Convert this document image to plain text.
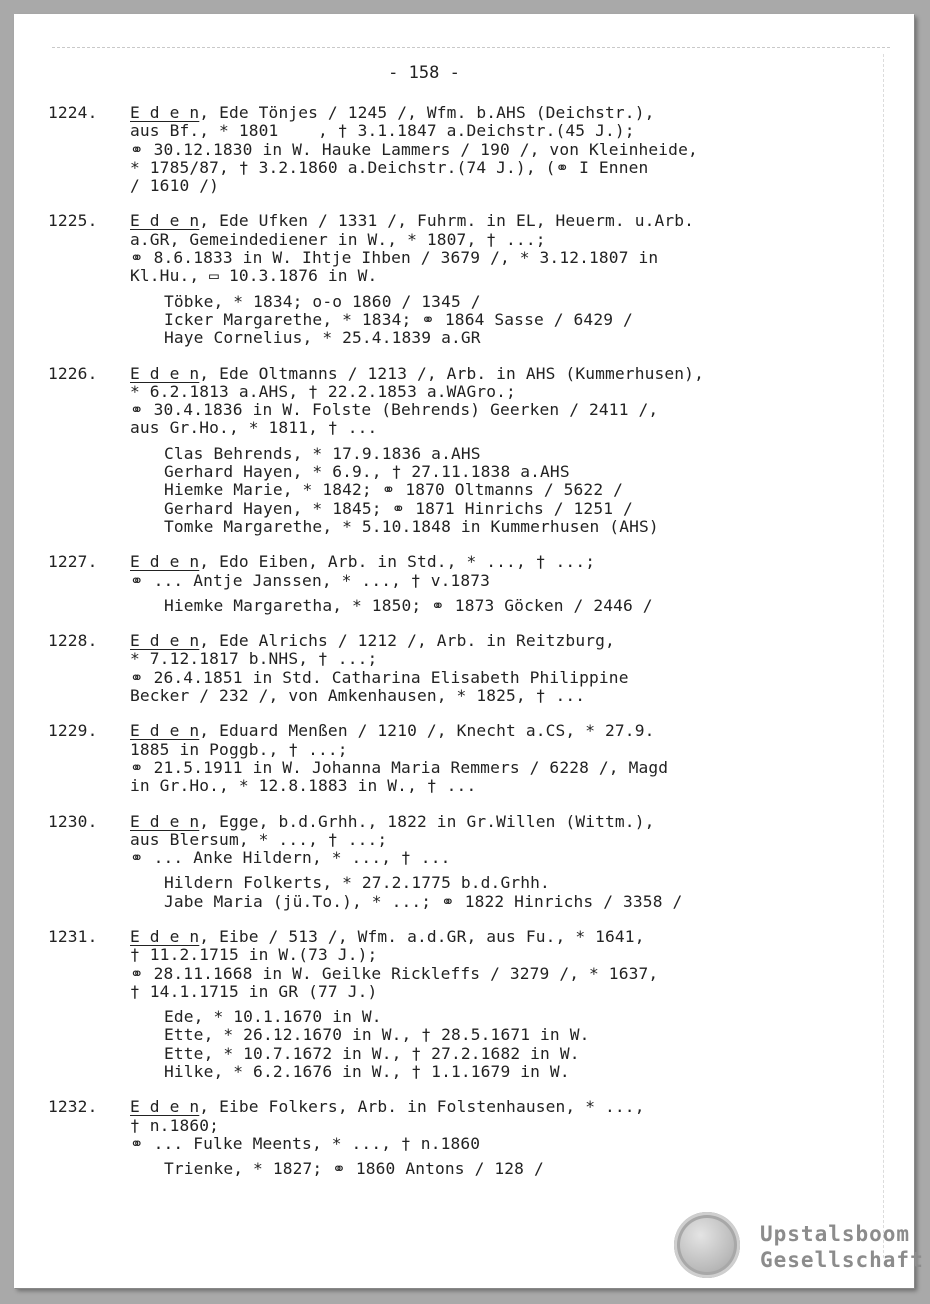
- 158 -
1224. E d e n, Ede Tönjes / 1245 /, Wfm. b.AHS (Deichstr.),
aus Bf., * 1801    , † 3.1.1847 a.Deichstr.(45 J.);
⚭ 30.12.1830 in W. Hauke Lammers / 190 /, von Kleinheide,
* 1785/87, † 3.2.1860 a.Deichstr.(74 J.), (⚭ I Ennen
/ 1610 /)
1225. E d e n, Ede Ufken / 1331 /, Fuhrm. in EL, Heuerm. u.Arb.
a.GR, Gemeindediener in W., * 1807, † ...;
⚭ 8.6.1833 in W. Ihtje Ihben / 3679 /, * 3.12.1807 in
Kl.Hu., ▭ 10.3.1876 in W.
Töbke, * 1834; o-o 1860 / 1345 /
Icker Margarethe, * 1834; ⚭ 1864 Sasse / 6429 /
Haye Cornelius, * 25.4.1839 a.GR
1226. E d e n, Ede Oltmanns / 1213 /, Arb. in AHS (Kummerhusen),
* 6.2.1813 a.AHS, † 22.2.1853 a.WAGro.;
⚭ 30.4.1836 in W. Folste (Behrends) Geerken / 2411 /,
aus Gr.Ho., * 1811, † ...
Clas Behrends, * 17.9.1836 a.AHS
Gerhard Hayen, * 6.9., † 27.11.1838 a.AHS
Hiemke Marie, * 1842; ⚭ 1870 Oltmanns / 5622 /
Gerhard Hayen, * 1845; ⚭ 1871 Hinrichs / 1251 /
Tomke Margarethe, * 5.10.1848 in Kummerhusen (AHS)
1227. E d e n, Edo Eiben, Arb. in Std., * ..., † ...;
⚭ ... Antje Janssen, * ..., † v.1873
Hiemke Margaretha, * 1850; ⚭ 1873 Göcken / 2446 /
1228. E d e n, Ede Alrichs / 1212 /, Arb. in Reitzburg,
* 7.12.1817 b.NHS, † ...;
⚭ 26.4.1851 in Std. Catharina Elisabeth Philippine
Becker / 232 /, von Amkenhausen, * 1825, † ...
1229. E d e n, Eduard Menßen / 1210 /, Knecht a.CS, * 27.9.
1885 in Poggb., † ...;
⚭ 21.5.1911 in W. Johanna Maria Remmers / 6228 /, Magd
in Gr.Ho., * 12.8.1883 in W., † ...
1230. E d e n, Egge, b.d.Grhh., 1822 in Gr.Willen (Wittm.),
aus Blersum, * ..., † ...;
⚭ ... Anke Hildern, * ..., † ...
Hildern Folkerts, * 27.2.1775 b.d.Grhh.
Jabe Maria (jü.To.), * ...; ⚭ 1822 Hinrichs / 3358 /
1231. E d e n, Eibe / 513 /, Wfm. a.d.GR, aus Fu., * 1641,
† 11.2.1715 in W.(73 J.);
⚭ 28.11.1668 in W. Geilke Rickleffs / 3279 /, * 1637,
† 14.1.1715 in GR (77 J.)
Ede, * 10.1.1670 in W.
Ette, * 26.12.1670 in W., † 28.5.1671 in W.
Ette, * 10.7.1672 in W., † 27.2.1682 in W.
Hilke, * 6.2.1676 in W., † 1.1.1679 in W.
1232. E d e n, Eibe Folkers, Arb. in Folstenhausen, * ...,
† n.1860;
⚭ ... Fulke Meents, * ..., † n.1860
Trienke, * 1827; ⚭ 1860 Antons / 128 /
Upstalsboom
Gesellschaft
